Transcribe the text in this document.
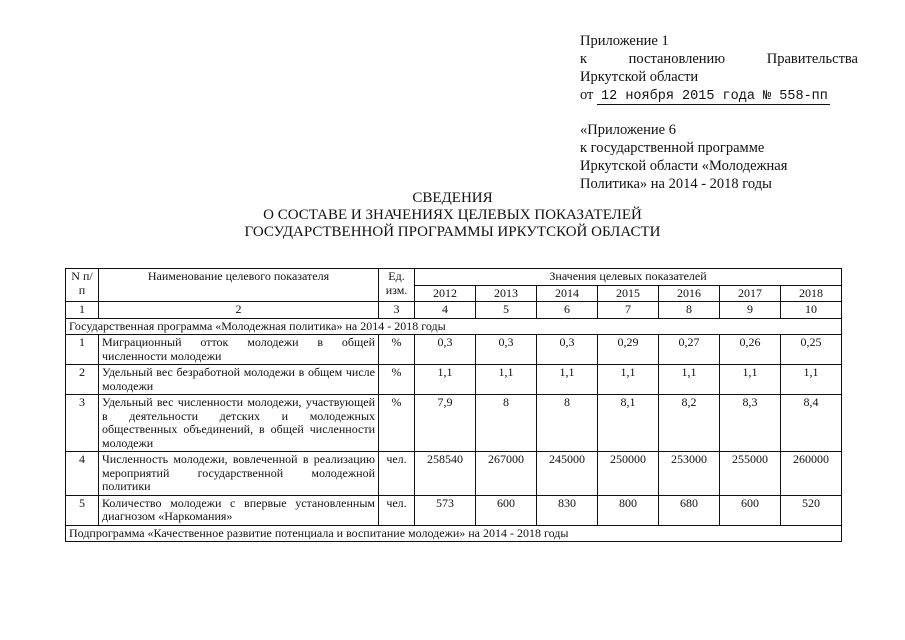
Приложение 1
к	постановлению	Правительства
Иркутской области
от 12 ноября 2015 года № 558-пп
«Приложение 6
к государственной программе
Иркутской области «Молодежная
Политика» на 2014 - 2018 годы
СВЕДЕНИЯ
О СОСТАВЕ И ЗНАЧЕНИЯХ ЦЕЛЕВЫХ ПОКАЗАТЕЛЕЙ
ГОСУДАРСТВЕННОЙ ПРОГРАММЫ ИРКУТСКОЙ ОБЛАСТИ
N п/п	Наименование целевого показателя	Ед. изм.	Значения целевых показателей						
			2012	2013	2014	2015	2016	2017	2018
1	2	3	4	5	6	7	8	9	10
Государственная программа «Молодежная политика» на 2014 - 2018 годы									
1	Миграционный отток молодежи в общей численности молодежи	%	0,3	0,3	0,3	0,29	0,27	0,26	0,25
2	Удельный вес безработной молодежи в общем числе молодежи	%	1,1	1,1	1,1	1,1	1,1	1,1	1,1
3	Удельный вес численности молодежи, участвующей в деятельности детских и молодежных общественных объединений, в общей численности молодежи	%	7,9	8	8	8,1	8,2	8,3	8,4
4	Численность молодежи, вовлеченной в реализацию мероприятий государственной молодежной политики	чел.	258540	267000	245000	250000	253000	255000	260000
5	Количество молодежи с впервые установленным диагнозом «Наркомания»	чел.	573	600	830	800	680	600	520
Подпрограмма «Качественное развитие потенциала и воспитание молодежи» на 2014 - 2018 годы									
